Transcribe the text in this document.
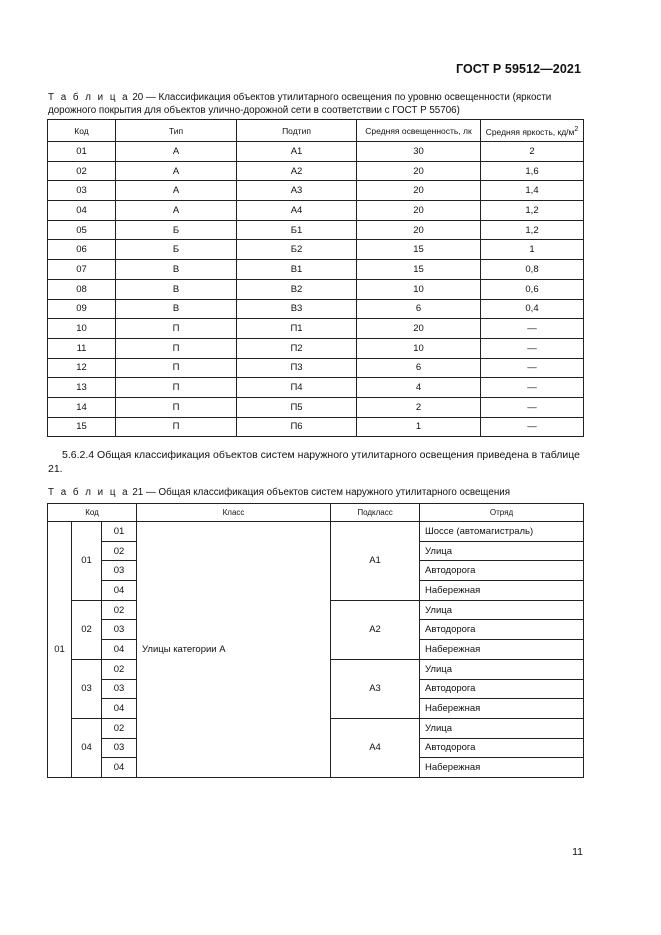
ГОСТ Р 59512—2021
Т а б л и ц а 20 — Классификация объектов утилитарного освещения по уровню освещенности (яркости дорожного покрытия для объектов улично-дорожной сети в соответствии с ГОСТ Р 55706)
Код	Тип	Подтип	Средняя освещенность, лк	Средняя яркость, $кд/м^2$
01	А	А1	30	2
02	А	А2	20	1,6
03	А	А3	20	1,4
04	А	А4	20	1,2
05	Б	Б1	20	1,2
06	Б	Б2	15	1
07	В	В1	15	0,8
08	В	В2	10	0,6
09	В	В3	6	0,4
10	П	П1	20	—
11	П	П2	10	—
12	П	П3	6	—
13	П	П4	4	—
14	П	П5	2	—
15	П	П6	1	—
5.6.2.4 Общая классификация объектов систем наружного утилитарного освещения приведена в таблице 21.
Т а б л и ц а 21 — Общая классификация объектов систем наружного утилитарного освещения
Код			Класс	Подкласс	Отряд
01	01	01	Улицы категории А	А1	Шоссе (автомагистраль)
		02			Улица
		03			Автодорога
		04			Набережная
	02	02		А2	Улица
		03			Автодорога
		04			Набережная
	03	02		А3	Улица
		03			Автодорога
		04			Набережная
	04	02		А4	Улица
		03			Автодорога
		04			Набережная
11
